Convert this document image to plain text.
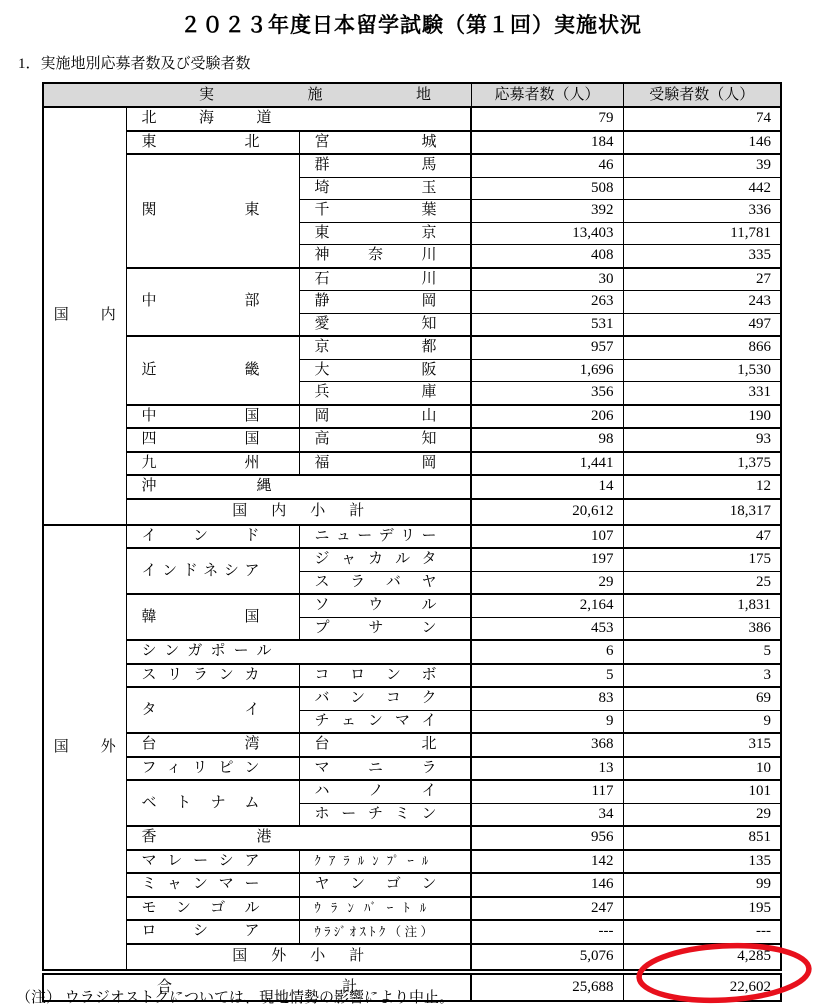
２０２３年度日本留学試験（第１回）実施状況
1．実施地別応募者数及び受験者数
実施地			応募者数（人）	受験者数（人）
国内	北海道		79	74
	東北	宮城	184	146
	関東	群馬	46	39
		埼玉	508	442
		千葉	392	336
		東京	13,403	11,781
		神奈川	408	335
	中部	石川	30	27
		静岡	263	243
		愛知	531	497
	近畿	京都	957	866
		大阪	1,696	1,530
		兵庫	356	331
	中国	岡山	206	190
	四国	高知	98	93
	九州	福岡	1,441	1,375
	沖縄		14	12
	国内小計		20,612	18,317
国外	インド	ニューデリー	107	47
	インドネシア	ジャカルタ	197	175
		スラバヤ	29	25
	韓国	ソウル	2,164	1,831
		プサン	453	386
	シンガポール		6	5
	スリランカ	コロンボ	5	3
	タイ	バンコク	83	69
		チェンマイ	9	9
	台湾	台北	368	315
	フィリピン	マニラ	13	10
	ベトナム	ハノイ	117	101
		ホーチミン	34	29
	香港		956	851
	マレーシア	ｸｱﾗﾙﾝﾌﾟｰﾙ	142	135
	ミャンマー	ヤンゴン	146	99
	モンゴル	ｳﾗﾝﾊﾞｰﾄﾙ	247	195
	ロシア	ｳﾗｼﾞｵｽﾄｸ（注）	---	---
	国外小計		5,076	4,285
合計			25,688	22,602
（注） ウラジオストクについては、現地情勢の影響により中止。
